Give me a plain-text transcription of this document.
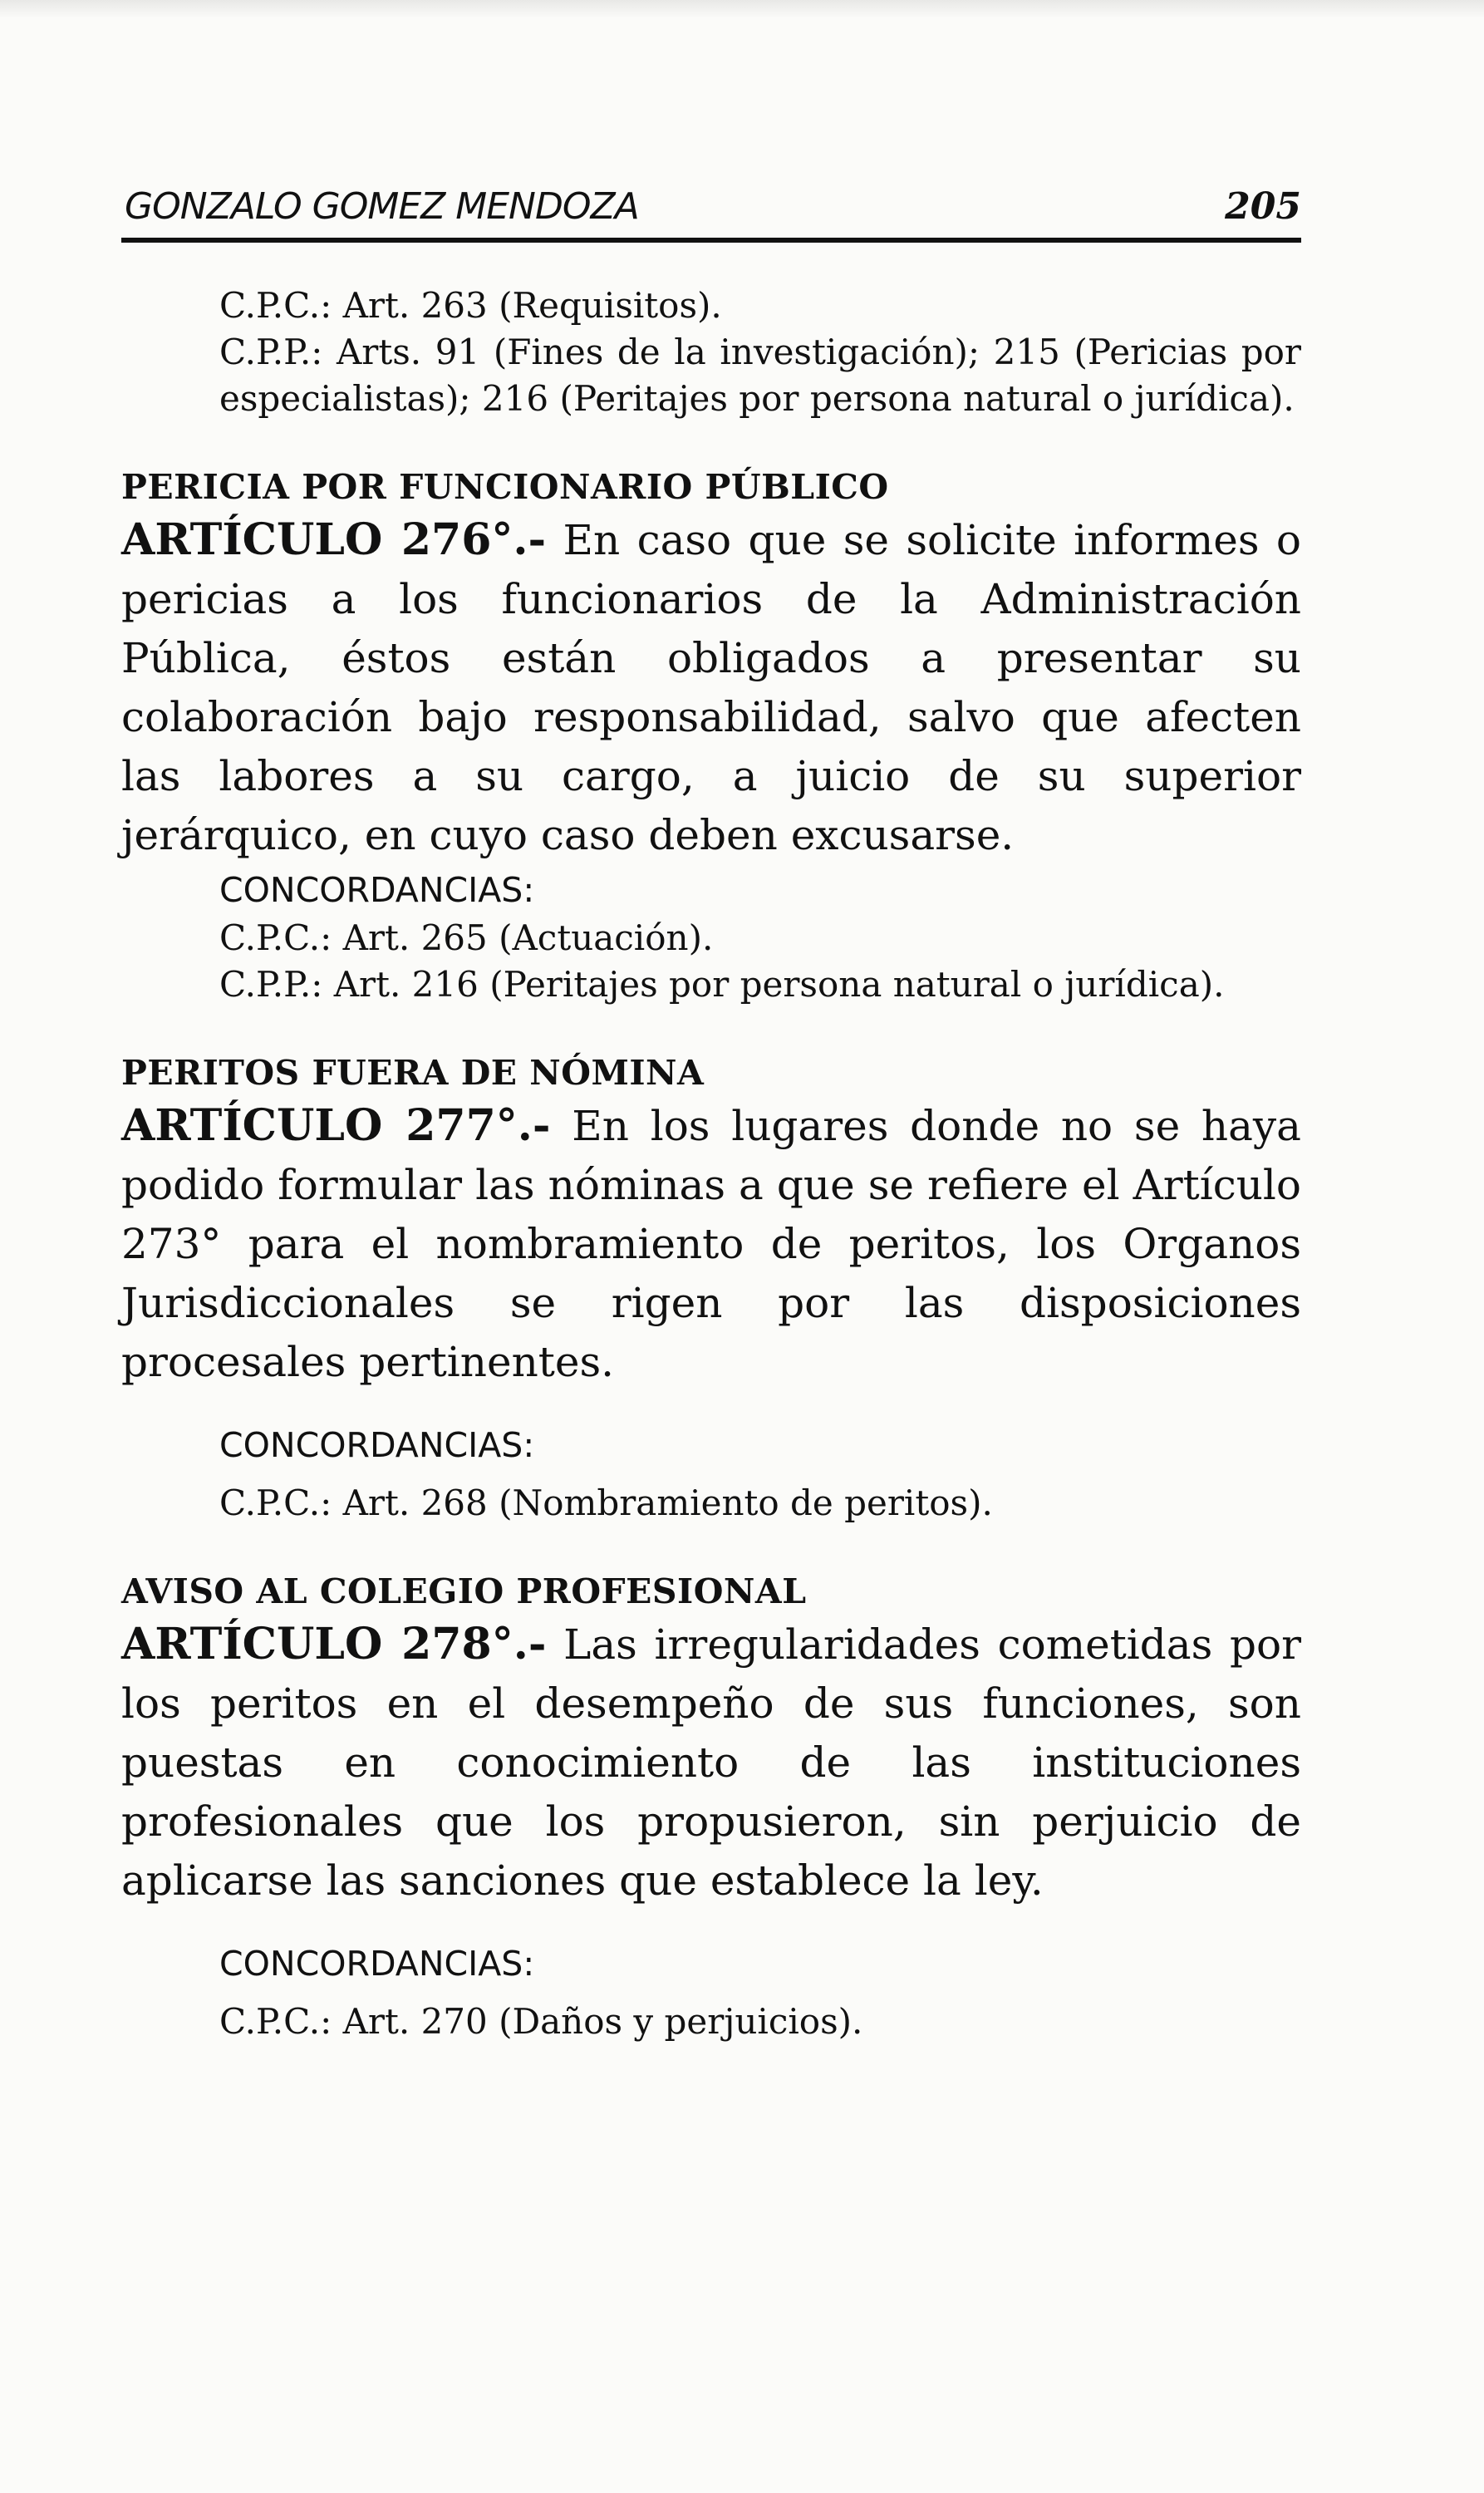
GONZALO GOMEZ MENDOZA	205

C.P.C.: Art. 263 (Requisitos).

C.P.P.: Arts. 91 (Fines de la investigación); 215 (Pericias por especialistas); 216 (Peritajes por persona natural o jurídica).

PERICIA POR FUNCIONARIO PÚBLICO

ARTÍCULO 276°.- En caso que se solicite informes o pericias a los funcionarios de la Administración Pública, éstos están obligados a presentar su colaboración bajo responsabilidad, salvo que afecten las labores a su cargo, a juicio de su superior jerárquico, en cuyo caso deben excusarse.

CONCORDANCIAS:

C.P.C.: Art. 265 (Actuación).

C.P.P.: Art. 216 (Peritajes por persona natural o jurídica).

PERITOS FUERA DE NÓMINA

ARTÍCULO 277°.- En los lugares donde no se haya podido formular las nóminas a que se refiere el Artículo 273° para el nombramiento de peritos, los Organos Jurisdiccionales se rigen por las disposiciones procesales pertinentes.

CONCORDANCIAS:

C.P.C.: Art. 268 (Nombramiento de peritos).

AVISO AL COLEGIO PROFESIONAL

ARTÍCULO 278°.- Las irregularidades cometidas por los peritos en el desempeño de sus funciones, son puestas en conocimiento de las instituciones profesionales que los propusieron, sin perjuicio de aplicarse las sanciones que establece la ley.

CONCORDANCIAS:

C.P.C.: Art. 270 (Daños y perjuicios).
